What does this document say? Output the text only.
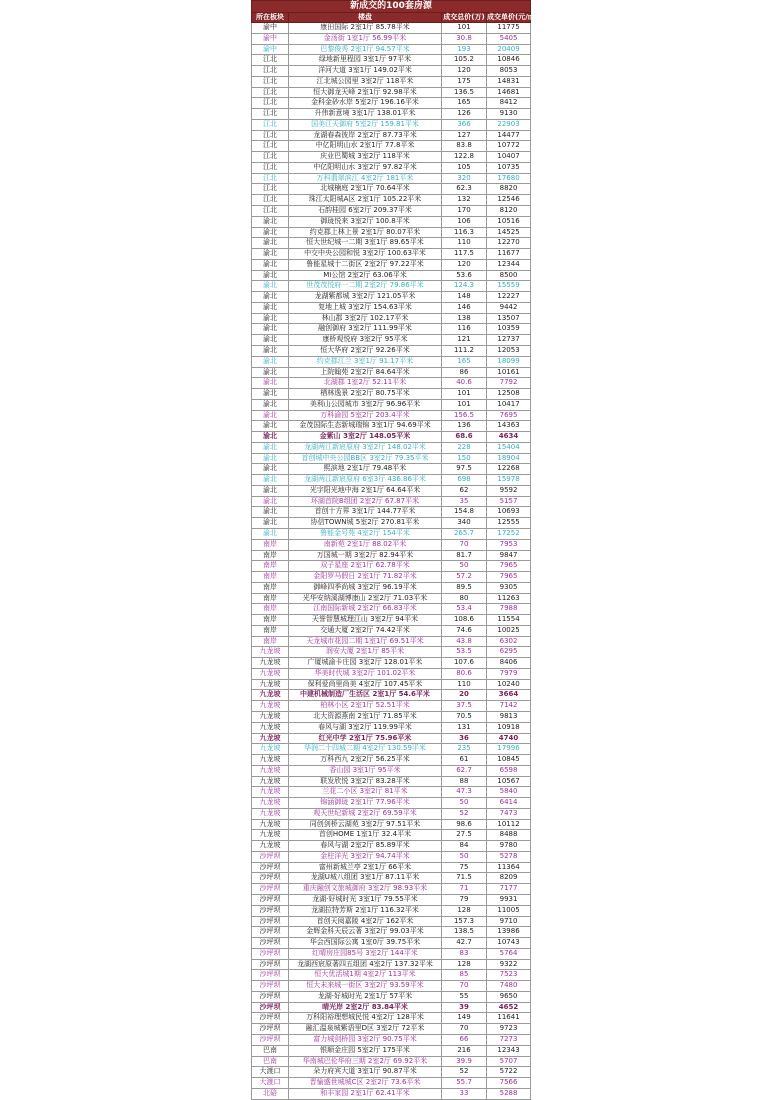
新成交的100套房源			
所在板块	楼盘	成交总价(万)	成交单价(元/㎡)
渝中	康田国际 2室1厅 85.78平米	101	11775
渝中	金汤街 1室1厅 56.99平米	30.8	5405
渝中	巴黎俊秀 2室1厅 94.57平米	193	20409
江北	绿地新里程园 3室1厅 97平米	105.2	10846
江北	洋河大道 3室1厅 149.02平米	120	8053
江北	江北城公园里 3室2厅 118平米	175	14831
江北	恒大御龙天峰 2室1厅 92.98平米	136.5	14681
江北	金科金砂水岸 5室2厅 196.16平米	165	8412
江北	升伟新意境 3室1厅 138.01平米	126	9130
江北	国美江天御府 5室2厅 159.81平米	366	22903
江北	龙湖春森彼岸 2室2厅 87.73平米	127	14477
江北	中亿阳明山水 2室1厅 77.8平米	83.8	10772
江北	庆业巴蜀城 3室2厅 118平米	122.8	10407
江北	中亿阳明山水 3室2厅 97.82平米	105	10735
江北	万科翡翠滨江 4室2厅 181平米	320	17680
江北	北城楠庭 2室1厅 70.64平米	62.3	8820
江北	珠江太阳城A区 2室1厅 105.22平米	132	12546
江北	石韵桂园 6室2厅 209.37平米	170	8120
渝北	御珑悦来 3室2厅 100.8平米	106	10516
渝北	约克郡上林上景 2室1厅 80.07平米	116.3	14525
渝北	恒大世纪城一二期 3室1厅 89.65平米	110	12270
渝北	中交中央公园和悦 3室2厅 100.63平米	117.5	11677
渝北	鲁能星城十二街区 2室2厅 97.22平米	120	12344
渝北	MI公馆 2室2厅 63.06平米	53.6	8500
渝北	世茂茂悦府一二期 2室2厅 79.86平米	124.3	15559
渝北	龙湖紫都城 3室2厅 121.05平米	148	12227
渝北	复地上城 3室2厅 154.63平米	146	9442
渝北	林山郡 3室2厅 102.17平米	138	13507
渝北	融创御府 3室2厅 111.99平米	116	10359
渝北	康桥观悦府 3室2厅 95平米	121	12737
渝北	恒大华府 2室2厅 92.26平米	111.2	12053
渝北	约克郡江兰 3室1厅 91.17平米	165	18099
渝北	上院翰苑 2室2厅 84.64平米	86	10161
渝北	北湖郡 1室2厅 52.11平米	40.6	7792
渝北	栖林逸景 2室2厅 80.75平米	101	12508
渝北	美利山公园城市 3室2厅 96.96平米	101	10417
渝北	万科渝园 5室2厅 203.4平米	156.5	7695
渝北	金茂国际生态新城瑞锦 3室1厅 94.69平米	136	14363
渝北	金紫山 3室2厅 148.05平米	68.6	4634
渝北	龙湖两江新宸原府 3室2厅 148.02平米	228	15404
渝北	首创城中央公园BB区 3室2厅 79.35平米	150	18904
渝北	熙滨地 2室1厅 79.48平米	97.5	12268
渝北	龙湖两江新宸原府 6室3厅 436.86平米	698	15978
渝北	光宇阳光地中海 2室1厅 64.64平米	62	9592
渝北	环湖首院B组团 2室2厅 67.87平米	35	5157
渝北	首创十方界 3室1厅 144.77平米	154.8	10693
渝北	协信TOWN城 5室2厅 270.81平米	340	12555
渝北	鲁能金号苑 4室2厅 154平米	265.7	17252
南岸	南新苑 2室1厅 88.02平米	70	7953
南岸	万国城一期 3室2厅 82.94平米	81.7	9847
南岸	双子星座 2室1厅 62.78平米	50	7965
南岸	金阳罗马假日 2室1厅 71.82平米	57.2	7965
南岸	御峰四季尚城 3室2厅 96.19平米	89.5	9305
南岸	光华安纳溪湖博康山 2室2厅 71.03平米	80	11263
南岸	江南国际新城 2室2厅 66.83平米	53.4	7988
南岸	天誉智慧城理江山 3室2厅 94平米	108.6	11554
南岸	交通大厦 2室2厅 74.42平米	74.6	10025
南岸	天龙城市花园二期 1室1厅 69.51平米	43.8	6302
九龙坡	润安大厦 2室1厅 85平米	53.5	6295
九龙坡	广厦城渝卡庄园 3室2厅 128.01平米	107.6	8406
九龙坡	华美时代城 3室2厅 101.02平米	80.6	7979
九龙坡	保利爱尚里尚美 4室2厅 107.45平米	110	10240
九龙坡	中建机械制造厂生活区 2室1厅 54.6平米	20	3664
九龙坡	柏林小区 2室1厅 52.51平米	37.5	7142
九龙坡	北大资源燕南 2室1厅 71.85平米	70.5	9813
九龙坡	春风与湖 3室2厅 119.99平米	131	10918
九龙坡	红光中学 2室1厅 75.96平米	36	4740
九龙坡	华润二十四城二期 4室2厅 130.59平米	235	17996
九龙坡	万科西九 2室2厅 56.25平米	61	10845
九龙坡	香山园 3室1厅 95平米	62.7	6598
九龙坡	联发欣悦 3室2厅 83.28平米	88	10567
九龙坡	兰花二小区 3室2厅 81平米	47.3	5840
九龙坡	锦涵御珑 2室1厅 77.96平米	50	6414
九龙坡	观天世纪新城 2室2厅 69.59平米	52	7473
九龙坡	同创剑桥云湖苑 3室2厅 97.51平米	98.6	10112
九龙坡	首创HOME 1室1厅 32.4平米	27.5	8488
九龙坡	春风与湖 2室2厅 85.89平米	84	9780
沙坪坝	金柱洋光 3室2厅 94.74平米	50	5278
沙坪坝	富州新城兰亭 2室1厅 66平米	75	11364
沙坪坝	龙湖U城八组团 3室1厅 87.11平米	71.5	8209
沙坪坝	重庆融创文旅城御府 3室2厅 98.93平米	71	7177
沙坪坝	龙湖·好城时光 3室1厅 79.55平米	79	9931
沙坪坝	龙湖拉特芳斯 2室1厅 116.32平米	128	11005
沙坪坝	首创天阅嘉陵 4室2厅 162平米	157.3	9710
沙坪坝	金辉金科天辰云著 3室2厅 99.03平米	138.5	13986
沙坪坝	华会西国际公寓 1室0厅 39.75平米	42.7	10743
沙坪坝	红晴房庄园85号 3室2厅 144平米	83	5764
沙坪坝	龙湖西宸原著四五组团 4室2厅 137.32平米	128	9322
沙坪坝	恒大优活城1期 4室2厅 113平米	85	7523
沙坪坝	恒大未来城一街区 3室2厅 93.59平米	70	7480
沙坪坝	龙湖·好城时光 2室1厅 57平米	55	9650
沙坪坝	晴光岸 2室2厅 83.84平米	39	4652
沙坪坝	万科阳裕理想城民悦 4室2厅 128平米	149	11641
沙坪坝	融汇温泉城紫语里D区 3室2厅 72平米	70	9723
沙坪坝	富力城剑桥园 3室2厅 90.75平米	66	7273
巴南	银顺金庄园 5室2厅 175平米	216	12343
巴南	华南城巴伦华府三期 2室2厅 69.92平米	39.9	5707
大渡口	朵力府宾大道 3室1厅 90.87平米	52	5722
大渡口	晋愉盛世城城C区 2室2厅 73.6平米	55.7	7566
北碚	和丰家园 2室1厅 62.41平米	33	5288
